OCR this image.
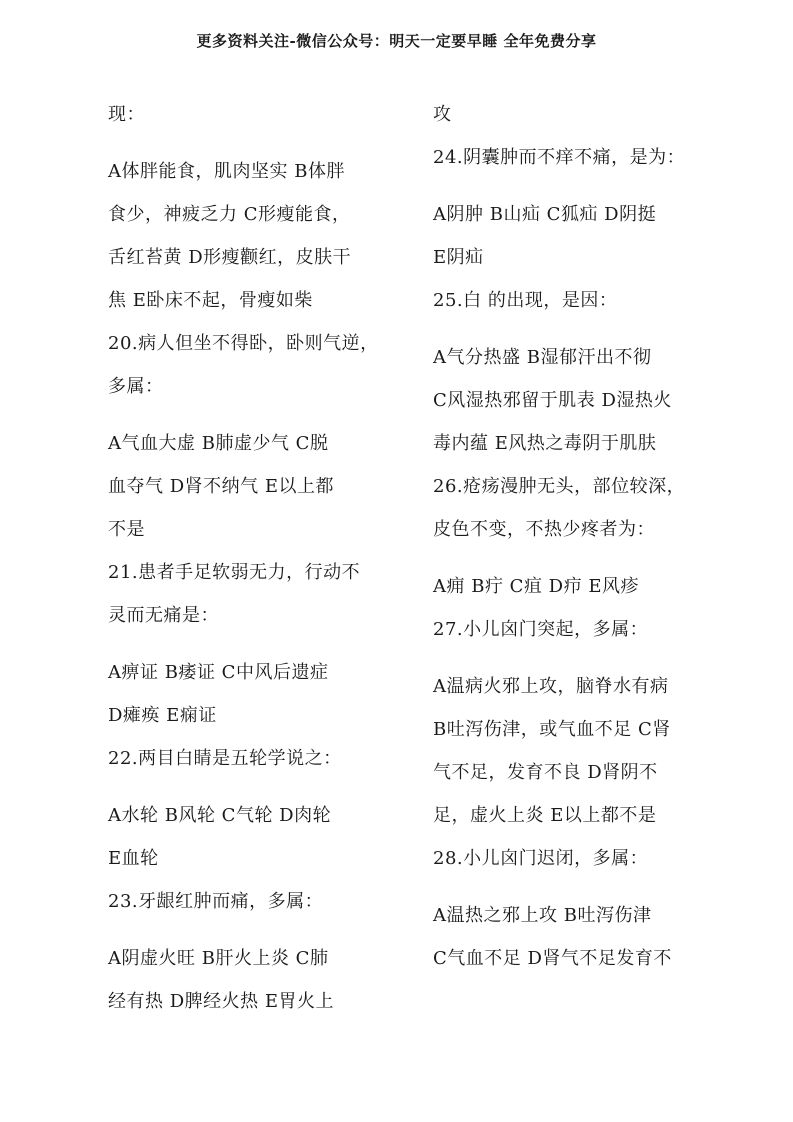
更多资料关注-微信公众号：明天一定要早睡 全年免费分享
现：
A体胖能食，肌肉坚实 B体胖
食少，神疲乏力 C形瘦能食，
舌红苔黄 D形瘦颧红，皮肤干
焦 E卧床不起，骨瘦如柴
20.病人但坐不得卧，卧则气逆，
多属：
A气血大虚 B肺虚少气 C脱
血夺气 D肾不纳气 E以上都
不是
21.患者手足软弱无力，行动不
灵而无痛是：
A痹证 B痿证 C中风后遗症
D瘫痪 E痫证
22.两目白睛是五轮学说之：
A水轮 B风轮 C气轮 D肉轮
E血轮
23.牙龈红肿而痛，多属：
A阴虚火旺 B肝火上炎 C肺
经有热 D脾经火热 E胃火上
攻
24.阴囊肿而不痒不痛，是为：
A阴肿 B山疝 C狐疝 D阴挺
E阴疝
25.白 的出现，是因：
A气分热盛 B湿郁汗出不彻
C风湿热邪留于肌表 D湿热火
毒内蕴 E风热之毒阴于肌肤
26.疮疡漫肿无头，部位较深，
皮色不变，不热少疼者为：
A痈 B疔 C疽 D疖 E风疹
27.小儿囟门突起，多属：
A温病火邪上攻，脑脊水有病
B吐泻伤津，或气血不足 C肾
气不足，发育不良 D肾阴不
足，虚火上炎 E以上都不是
28.小儿囟门迟闭，多属：
A温热之邪上攻 B吐泻伤津
C气血不足 D肾气不足发育不
